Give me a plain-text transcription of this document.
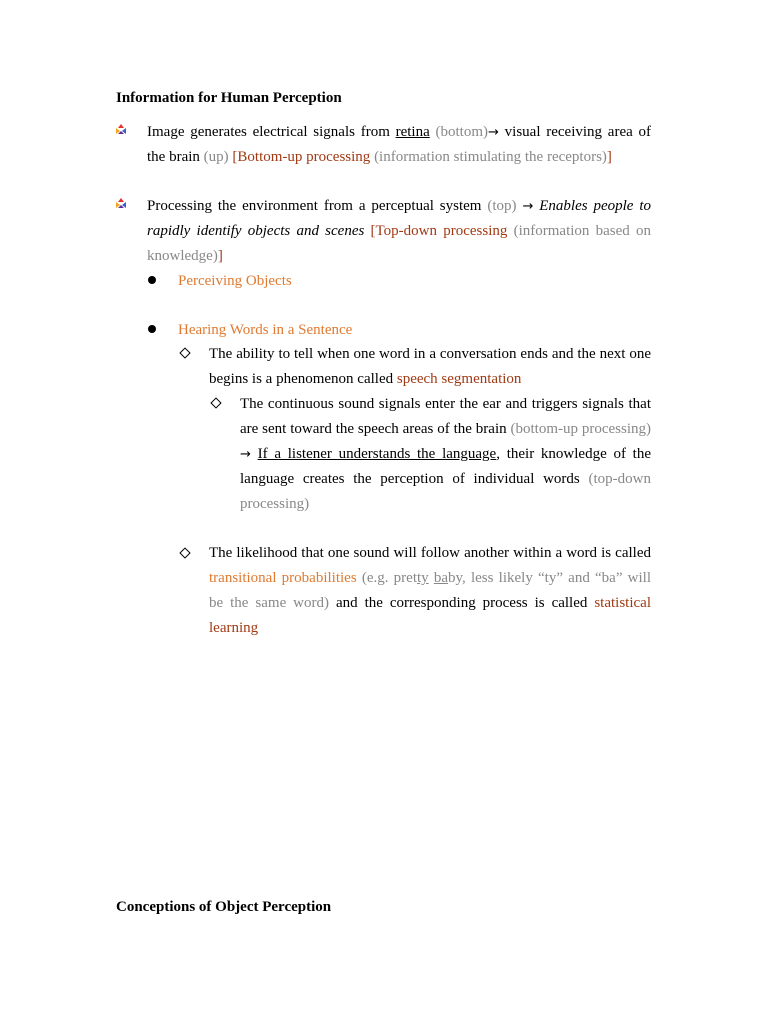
Information for Human Perception
Image generates electrical signals from retina (bottom)→ visual receiving area of the brain (up) [Bottom-up processing (information stimulating the receptors)]
Processing the environment from a perceptual system (top) → Enables people to rapidly identify objects and scenes [Top-down processing (information based on knowledge)]
Perceiving Objects
Hearing Words in a Sentence
The ability to tell when one word in a conversation ends and the next one begins is a phenomenon called speech segmentation
The continuous sound signals enter the ear and triggers signals that are sent toward the speech areas of the brain (bottom-up processing) → If a listener understands the language, their knowledge of the language creates the perception of individual words (top-down processing)
The likelihood that one sound will follow another within a word is called transitional probabilities (e.g. pretty baby, less likely “ty” and “ba” will be the same word) and the corresponding process is called statistical learning
Conceptions of Object Perception
